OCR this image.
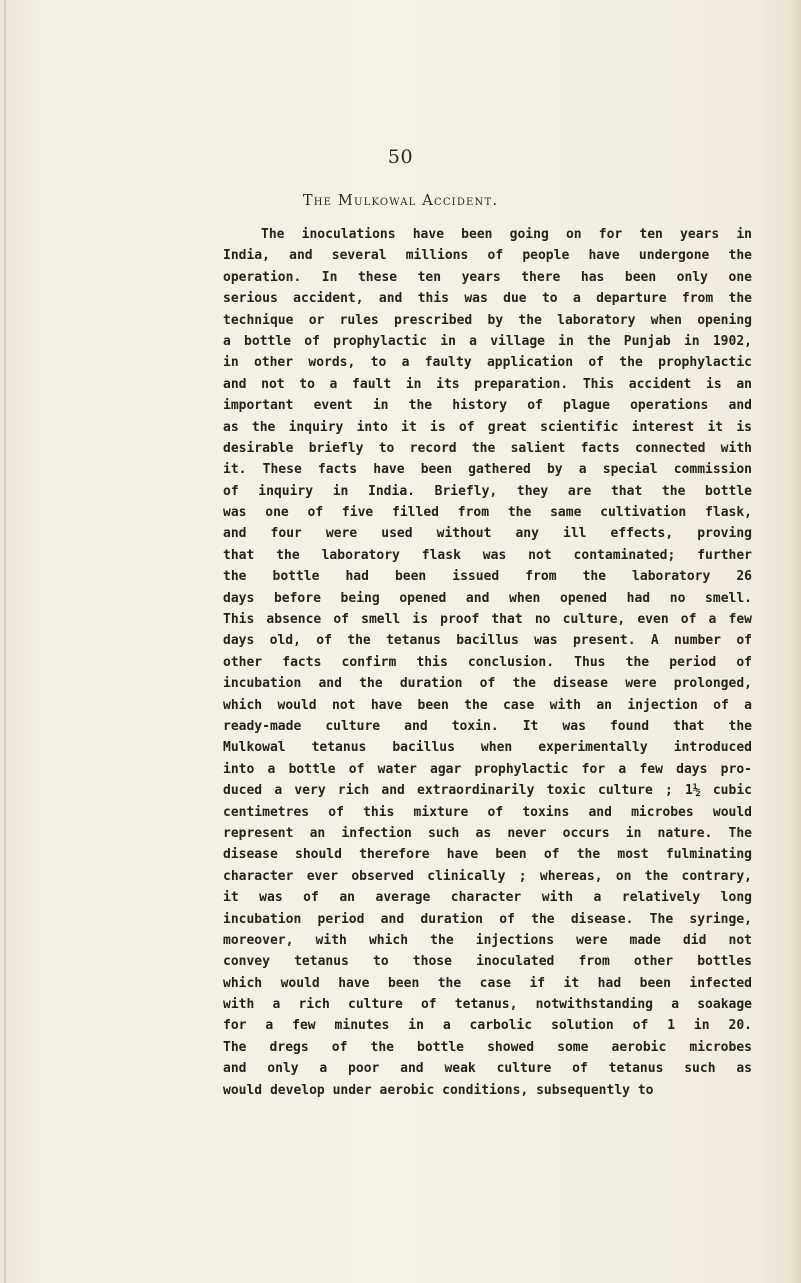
50
The Mulkowal Accident.
The inoculations have been going on for ten years in
India, and several millions of people have undergone the
operation. In these ten years there has been only one
serious accident, and this was due to a departure from the
technique or rules prescribed by the laboratory when opening
a bottle of prophylactic in a village in the Punjab in 1902,
in other words, to a faulty application of the prophylactic
and not to a fault in its preparation. This accident is an
important event in the history of plague operations and
as the inquiry into it is of great scientific interest it is
desirable briefly to record the salient facts connected with
it. These facts have been gathered by a special commission
of inquiry in India. Briefly, they are that the bottle
was one of five filled from the same cultivation flask,
and four were used without any ill effects, proving
that the laboratory flask was not contaminated; further
the bottle had been issued from the laboratory 26
days before being opened and when opened had no smell.
This absence of smell is proof that no culture, even of a few
days old, of the tetanus bacillus was present. A number of
other facts confirm this conclusion. Thus the period of
incubation and the duration of the disease were prolonged,
which would not have been the case with an injection of a
ready-made culture and toxin. It was found that the
Mulkowal tetanus bacillus when experimentally introduced
into a bottle of water agar prophylactic for a few days pro-
duced a very rich and extraordinarily toxic culture ; 1½ cubic
centimetres of this mixture of toxins and microbes would
represent an infection such as never occurs in nature. The
disease should therefore have been of the most fulminating
character ever observed clinically ; whereas, on the contrary,
it was of an average character with a relatively long
incubation period and duration of the disease. The syringe,
moreover, with which the injections were made did not
convey tetanus to those inoculated from other bottles
which would have been the case if it had been infected
with a rich culture of tetanus, notwithstanding a soakage
for a few minutes in a carbolic solution of 1 in 20.
The dregs of the bottle showed some aerobic microbes
and only a poor and weak culture of tetanus such as
would develop under aerobic conditions, subsequently to
